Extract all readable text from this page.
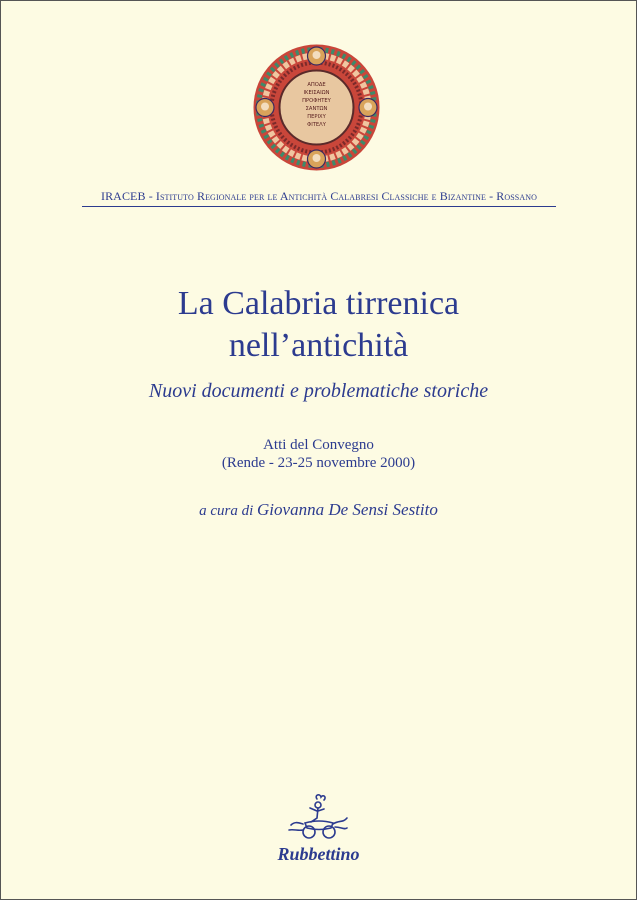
ΑΠΟΔΕ
ΙΚΕΙΣΑΙΩΝ
ΠΡΟΦΗΤΕΥ
ΣΑΝΤΩΝ
ΠΕΡΙΧΥ
ΦΙΤΕΛΥ
IRACEB - Istituto Regionale per le Antichità Calabresi Classiche e Bizantine - Rossano
La Calabria tirrenica
nell’antichità
Nuovi documenti e problematiche storiche
Atti del Convegno
(Rende - 23-25 novembre 2000)
a cura di Giovanna De Sensi Sestito
Rubbettino
